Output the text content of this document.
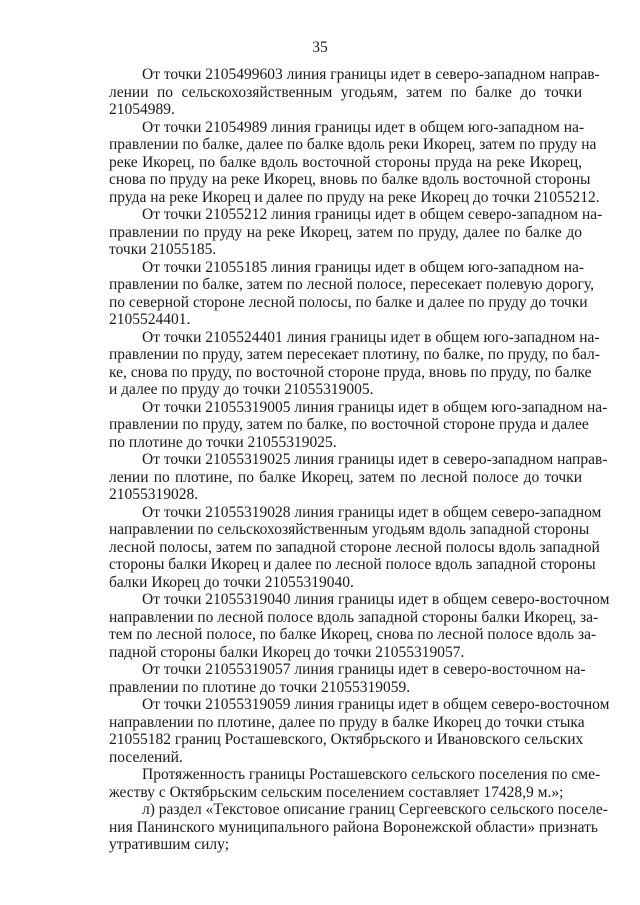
35

От точки 2105499603 линия границы идет в северо-западном направ-
лении по сельскохозяйственным угодьям, затем по балке до точки
21054989.

От точки 21054989 линия границы идет в общем юго-западном на-
правлении по балке, далее по балке вдоль реки Икорец, затем по пруду на
реке Икорец, по балке вдоль восточной стороны пруда на реке Икорец,
снова по пруду на реке Икорец, вновь по балке вдоль восточной стороны
пруда на реке Икорец и далее по пруду на реке Икорец до точки 21055212.

От точки 21055212 линия границы идет в общем северо-западном на-
правлении по пруду на реке Икорец, затем по пруду, далее по балке до
точки 21055185.

От точки 21055185 линия границы идет в общем юго-западном на-
правлении по балке, затем по лесной полосе, пересекает полевую дорогу,
по северной стороне лесной полосы, по балке и далее по пруду до точки
2105524401.

От точки 2105524401 линия границы идет в общем юго-западном на-
правлении по пруду, затем пересекает плотину, по балке, по пруду, по бал-
ке, снова по пруду, по восточной стороне пруда, вновь по пруду, по балке
и далее по пруду до точки 21055319005.

От точки 21055319005 линия границы идет в общем юго-западном на-
правлении по пруду, затем по балке, по восточной стороне пруда и далее
по плотине до точки 21055319025.

От точки 21055319025 линия границы идет в северо-западном направ-
лении по плотине, по балке Икорец, затем по лесной полосе до точки
21055319028.

От точки 21055319028 линия границы идет в общем северо-западном
направлении по сельскохозяйственным угодьям вдоль западной стороны
лесной полосы, затем по западной стороне лесной полосы вдоль западной
стороны балки Икорец и далее по лесной полосе вдоль западной стороны
балки Икорец до точки 21055319040.

От точки 21055319040 линия границы идет в общем северо-восточном
направлении по лесной полосе вдоль западной стороны балки Икорец, за-
тем по лесной полосе, по балке Икорец, снова по лесной полосе вдоль за-
падной стороны балки Икорец до точки 21055319057.

От точки 21055319057 линия границы идет в северо-восточном на-
правлении по плотине до точки 21055319059.

От точки 21055319059 линия границы идет в общем северо-восточном
направлении по плотине, далее по пруду в балке Икорец до точки стыка
21055182 границ Росташевского, Октябрьского и Ивановского сельских
поселений.

Протяженность границы Росташевского сельского поселения по сме-
жеству с Октябрьским сельским поселением составляет 17428,9 м.»;

л) раздел «Текстовое описание границ Сергеевского сельского поселе-
ния Панинского муниципального района Воронежской области» признать
утратившим силу;
